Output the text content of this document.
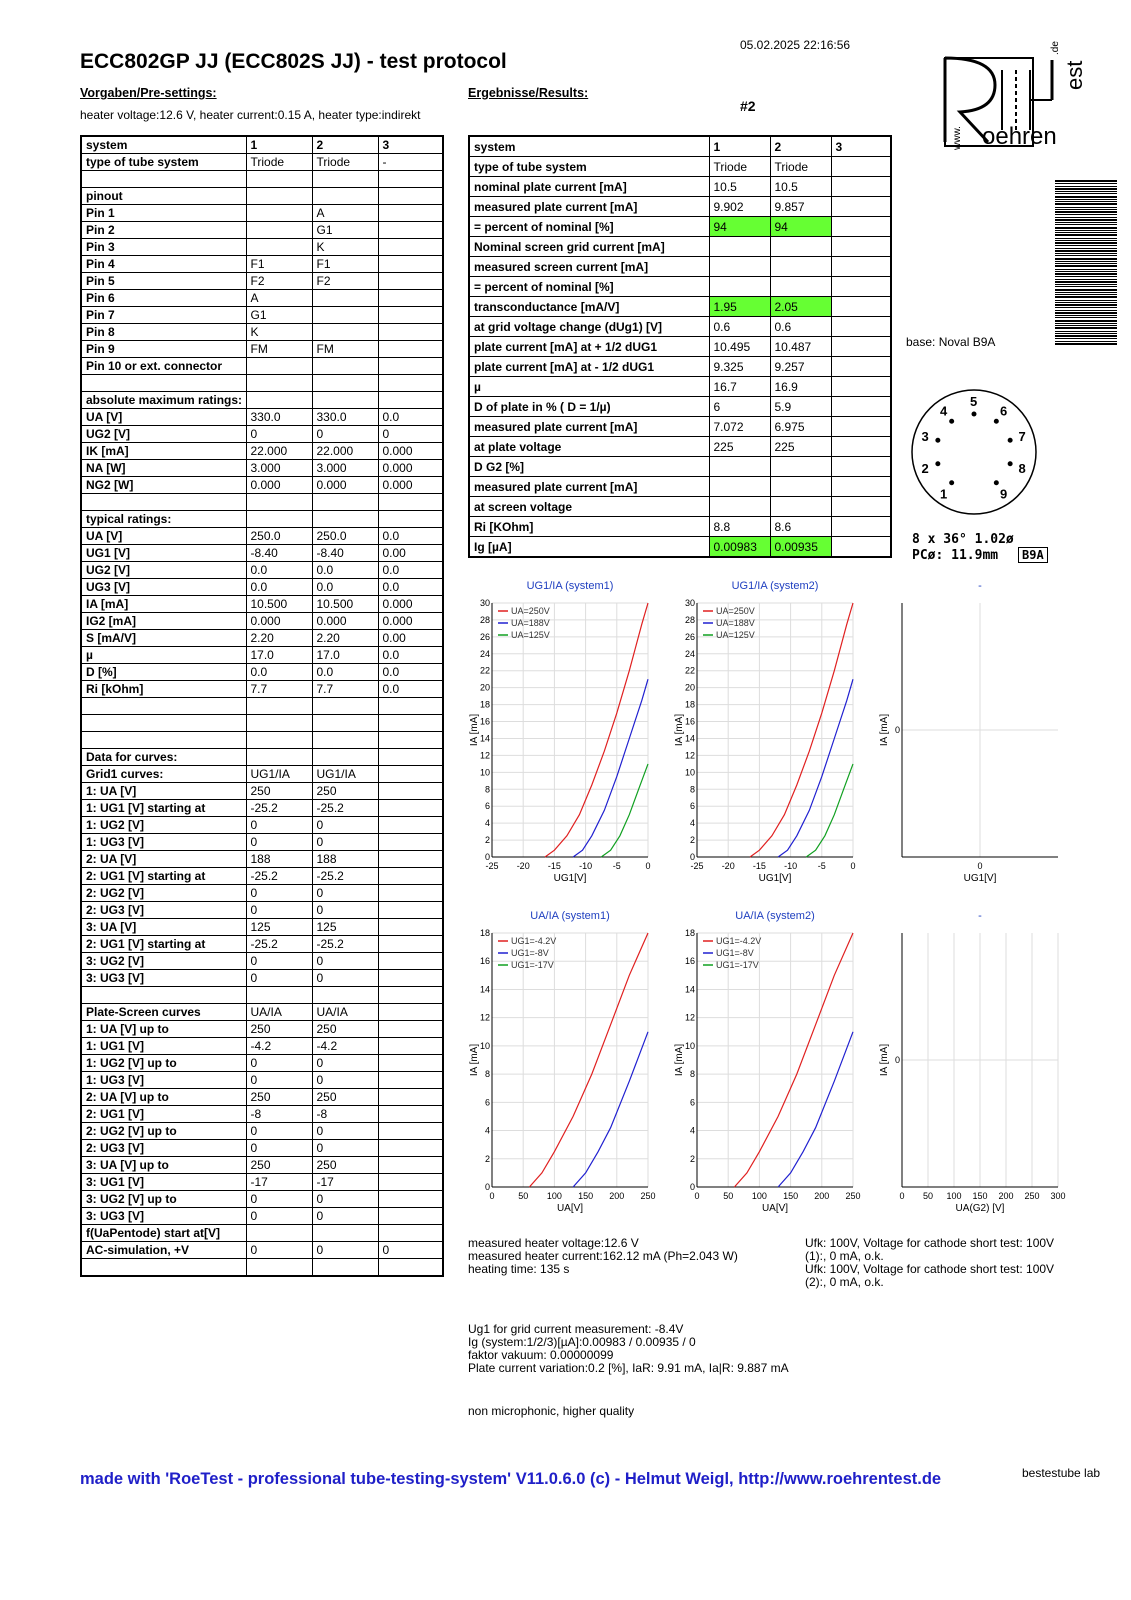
ECC802GP JJ (ECC802S JJ) - test protocol
05.02.2025 22:16:56
Vorgaben/Pre-settings:
heater voltage:12.6 V, heater current:0.15 A, heater type:indirekt
Ergebnisse/Results:
#2
.de
est
www. oehren
system	1	2	3
type of tube system	Triode	Triode	-

pinout			
Pin 1		A	
Pin 2		G1	
Pin 3		K	
Pin 4	F1	F1	
Pin 5	F2	F2	
Pin 6	A		
Pin 7	G1		
Pin 8	K		
Pin 9	FM	FM	
Pin 10 or ext. connector			

absolute maximum ratings:			
UA [V]	330.0	330.0	0.0
UG2 [V]	0	0	0
IK [mA]	22.000	22.000	0.000
NA [W]	3.000	3.000	0.000
NG2 [W]	0.000	0.000	0.000

typical ratings:			
UA [V]	250.0	250.0	0.0
UG1 [V]	-8.40	-8.40	0.00
UG2 [V]	0.0	0.0	0.0
UG3 [V]	0.0	0.0	0.0
IA [mA]	10.500	10.500	0.000
IG2 [mA]	0.000	0.000	0.000
S [mA/V]	2.20	2.20	0.00
µ	17.0	17.0	0.0
D [%]	0.0	0.0	0.0
Ri [kOhm]	7.7	7.7	0.0

Data for curves:			
Grid1 curves:	UG1/IA	UG1/IA	
1: UA [V]	250	250	
1: UG1 [V] starting at	-25.2	-25.2	
1: UG2 [V]	0	0	
1: UG3 [V]	0	0	
2: UA [V]	188	188	
2: UG1 [V] starting at	-25.2	-25.2	
2: UG2 [V]	0	0	
2: UG3 [V]	0	0	
3: UA [V]	125	125	
2: UG1 [V] starting at	-25.2	-25.2	
3: UG2 [V]	0	0	
3: UG3 [V]	0	0	

Plate-Screen curves	UA/IA	UA/IA	
1: UA [V] up to	250	250	
1: UG1 [V]	-4.2	-4.2	
1: UG2 [V] up to	0	0	
1: UG3 [V]	0	0	
2: UA [V] up to	250	250	
2: UG1 [V]	-8	-8	
2: UG2 [V] up to	0	0	
2: UG3 [V]	0	0	
3: UA [V] up to	250	250	
3: UG1 [V]	-17	-17	
3: UG2 [V] up to	0	0	
3: UG3 [V]	0	0	
f(UaPentode) start at[V]			
AC-simulation, +V	0	0	0

system	1	2	3
type of tube system	Triode	Triode	
nominal plate current [mA]	10.5	10.5	
measured plate current [mA]	9.902	9.857	
= percent of nominal [%]	94	94	
Nominal screen grid current [mA]			
measured screen current [mA]			
= percent of nominal [%]			
transconductance [mA/V]	1.95	2.05	
at grid voltage change (dUg1) [V]	0.6	0.6	
plate current [mA] at + 1/2 dUG1	10.495	10.487	
plate current [mA] at - 1/2 dUG1	9.325	9.257	
µ	16.7	16.9	
D of plate in % ( D = 1/µ)	6	5.9	
measured plate current [mA]	7.072	6.975	
at plate voltage	225	225	
D G2 [%]			
measured plate current [mA]			
at screen voltage			
Ri [KOhm]	8.8	8.6	
Ig [µA]	0.00983	0.00935	
base: Noval B9A
1
2
3
4
5
6
7
8
9
8 x 36° 1.02ø
PCø: 11.9mm	B9A
UG1/IA (system1)
-25 -20 -15 -10 -5	0
0
2
4
6
8
10
12
14
16
18
20
22
24
26
28
30
UG1[V]
IA [mA]
UA=250V
UA=188V
UA=125V
UG1/IA (system2)
-25 -20 -15 -10 -5	0
0
2
4
6
8
10
12
14
16
18
20
22
24
26
28
30
UG1[V]
IA [mA]
UA=250V
UA=188V
UA=125V
-
0
0
UG1[V]
IA [mA]
UA/IA (system1)
0	50 100 150 200 250
0
2
4
6
8
10
12
14
16
18
UA[V]
IA [mA]
UG1=-4.2V
UG1=-8V
UG1=-17V
UA/IA (system2)
0	50 100 150 200 250
0
2
4
6
8
10
12
14
16
18
UA[V]
IA [mA]
UG1=-4.2V
UG1=-8V
UG1=-17V
-
0 50 100 150 200 250 300
0
UA(G2) [V]
IA [mA]
measured heater voltage:12.6 V
measured heater current:162.12 mA (Ph=2.043 W)
heating time: 135 s
Ufk: 100V, Voltage for cathode short test: 100V
(1):, 0 mA, o.k.
Ufk: 100V, Voltage for cathode short test: 100V
(2):, 0 mA, o.k.
Ug1 for grid current measurement: -8.4V
Ig (system:1/2/3)[µA]:0.00983 / 0.00935 / 0
faktor vakuum: 0.00000099
Plate current variation:0.2 [%], IaR: 9.91 mA, Ia|R: 9.887 mA
non microphonic, higher quality
made with 'RoeTest - professional tube-testing-system' V11.0.6.0 (c) - Helmut Weigl, http://www.roehrentest.de	bestestube lab
